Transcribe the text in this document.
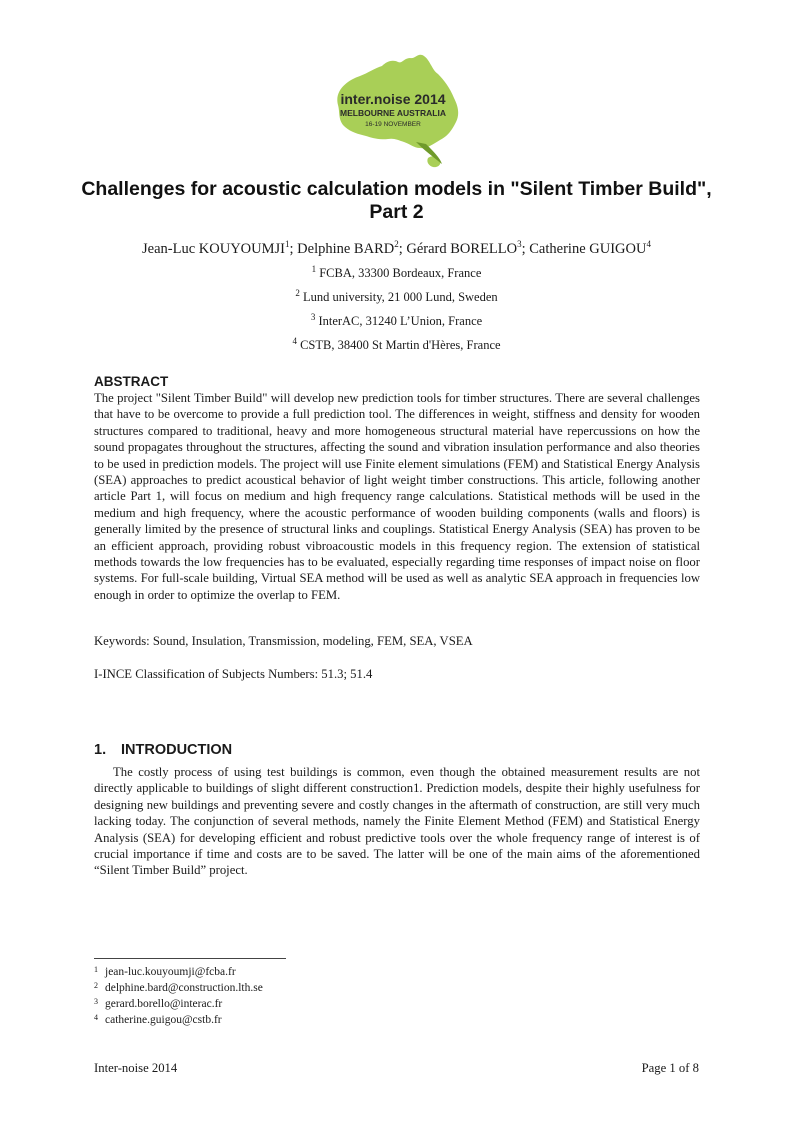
inter.noise 2014
MELBOURNE AUSTRALIA
16-19 NOVEMBER
Challenges for acoustic calculation models in "Silent Timber Build",
Part 2

Jean-Luc KOUYOUMJI$^1$; Delphine BARD$^2$; Gérard BORELLO$^3$; Catherine GUIGOU$^4$

$^1$ FCBA, 33300 Bordeaux, France

$^2$ Lund university, 21 000 Lund, Sweden

$^3$ InterAC, 31240 L’Union, France

$^4$ CSTB, 38400 St Martin d'Hères, France

ABSTRACT

The project "Silent Timber Build" will develop new prediction tools for timber structures. There are several challenges that have to be overcome to provide a full prediction tool. The differences in weight, stiffness and density for wooden structures compared to traditional, heavy and more homogeneous structural material have repercussions on how the sound propagates throughout the structures, affecting the sound and vibration insulation performance and also theories to be used in prediction models. The project will use Finite element simulations (FEM) and Statistical Energy Analysis (SEA) approaches to predict acoustical behavior of light weight timber constructions. This article, following another article Part 1, will focus on medium and high frequency range calculations. Statistical methods will be used in the medium and high frequency, where the acoustic performance of wooden building components (walls and floors) is generally limited by the presence of structural links and couplings. Statistical Energy Analysis (SEA) has proven to be an efficient approach, providing robust vibroacoustic models in this frequency region. The extension of statistical methods towards the low frequencies has to be evaluated, especially regarding time responses of impact noise on floor systems. For full-scale building, Virtual SEA method will be used as well as analytic SEA approach in frequencies low enough in order to optimize the overlap to FEM.

Keywords: Sound, Insulation, Transmission, modeling, FEM, SEA, VSEA

I-INCE Classification of Subjects Numbers: 51.3; 51.4

1. INTRODUCTION

The costly process of using test buildings is common, even though the obtained measurement results are not directly applicable to buildings of slight different construction1. Prediction models, despite their highly usefulness for designing new buildings and preventing severe and costly changes in the aftermath of construction, are still very much lacking today. The conjunction of several methods, namely the Finite Element Method (FEM) and Statistical Energy Analysis (SEA) for developing efficient and robust predictive tools over the whole frequency range of interest is of crucial importance if time and costs are to be saved. The latter will be one of the main aims of the aforementioned “Silent Timber Build” project.

1 jean-luc.kouyoumji@fcba.fr
2 delphine.bard@construction.lth.se
3 gerard.borello@interac.fr
4 catherine.guigou@cstb.fr

Inter-noise 2014	Page 1 of 8
